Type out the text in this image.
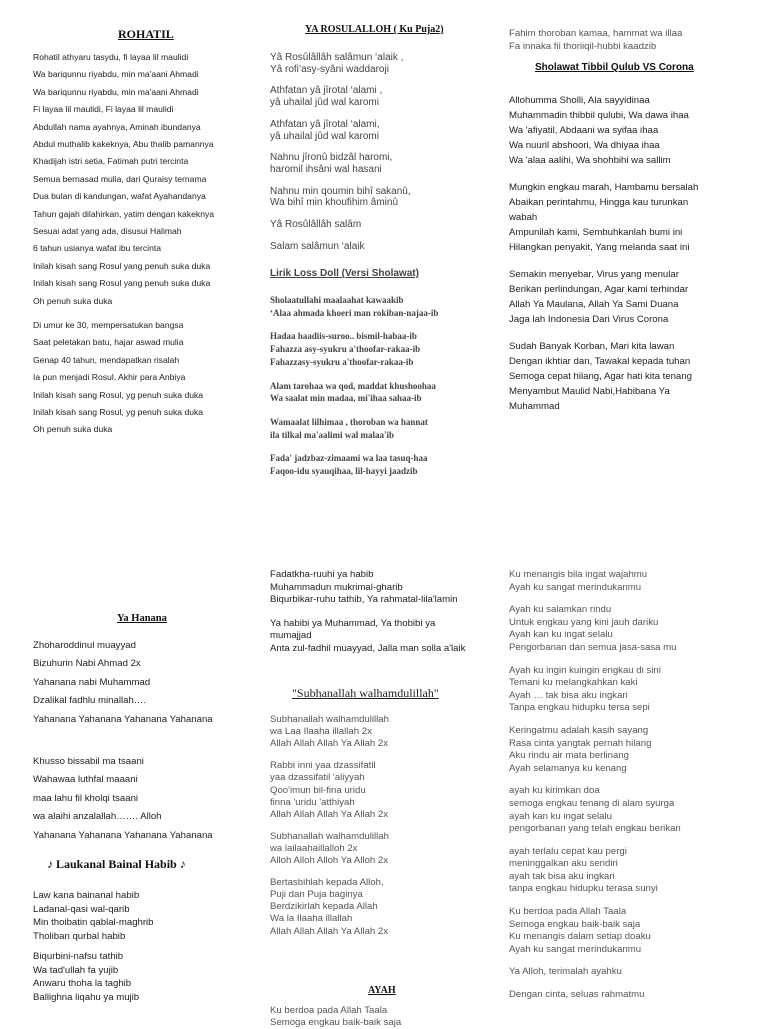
ROHATIL
Rohatil athyaru tasydu, fi layaa lil maulidi
Wa bariqunnu riyabdu, min ma'aani Ahmadi
Wa bariqunnu riyabdu, min ma'aani Ahmadi
Fi layaa lil maulidi, Fi layaa lil maulidi
Abdullah nama ayahnya, Aminah ibundanya
Abdul muthalib kakeknya, Abu thalib pamannya
Khadijah istri setia, Fatimah putri tercinta
Semua bernasad mulia, dari Quraisy ternama
Dua bulan di kandungan, wafat Ayahandanya
Tahun gajah dilahirkan, yatim dengan kakeknya
Sesuai adat yang ada, disusui Halimah
6 tahun usianya wafat ibu tercinta
Inilah kisah sang Rosul yang penuh suka duka
Inilah kisah sang Rosul yang penuh suka duka
Oh penuh suka duka
Di umur ke 30, mempersatukan bangsa
Saat peletakan batu, hajar aswad mulia
Genap 40 tahun, mendapatkan risalah
Ia pun menjadi Rosul, Akhir para Anbiya
Inilah kisah sang Rosul, yg penuh suka duka
Inilah kisah sang Rosul, yg penuh suka duka
Oh penuh suka duka
Ya Hanana
Zhoharoddinul muayyad
Bizuhurin Nabi Ahmad 2x
Yahanana nabi Muhammad
Dzalikal fadhlu minallah….
Yahanana Yahanana Yahanana Yahanana
Khusso bissabil ma tsaani
Wahawaa luthfal maaani
maa lahu fil kholqi tsaani
wa alaihi anzalallah……. Alloh
Yahanana Yahanana Yahanana Yahanana
♪ Laukanal Bainal Habib ♪
Law kana bainanal habib
Ladanal-qasi wal-qarib
Min thoibatin qablal-maghrib
Tholiban qurbal habib
Biqurbini-nafsu tathib
Wa tad'ullah fa yujib
Anwaru thoha la taghib
Ballighna liqahu ya mujib
YA ROSULALLOH ( Ku Puja2)
Yâ Rosûlâllâh salâmun ‘alaik ,
Yâ rofi’asy-syâni waddaroji
Athfatan yâ jîrotal ‘alami ,
yâ uhailal jûd wal karomi
Athfatan yâ jîrotal ‘alami,
yâ uhailal jûd wal karomi
Nahnu jîronû bidzâl haromi,
haromil ihsâni wal hasani
Nahnu min qoumin bihî sakanû,
Wa bihî min khoufihim âminû
Yâ Rosûlâllâh salâm
Salam salâmun ‘alaik
Lirik Loss Doll (Versi Sholawat)
Sholaatullahi maalaahat kawaakib
‘Alaa ahmada khoeri man rokiban-najaa-ib
Hadaa haadiis-suroo.. bismil-habaa-ib
Fahazza asy-syukru a'thoofar-rakaa-ib
Fahazzasy-syukru a'thoofar-rakaa-ib
Alam tarohaa wa qod, maddat khushoohaa
Wa saalat min madaa, mi'ihaa sahaa-ib
Wamaalat lilhimaa , thoroban wa hannat
ila tilkal ma'aalimi wal malaa'ib
Fada' jadzbaz-zimaami wa laa tasuq-haa
Faqoo-idu syauqihaa, lil-hayyi jaadzib
Fadatkha-ruuhi ya habib
Muhammadun mukrimal-gharib
Biqurbikar-ruhu tathib, Ya rahmatal-lila'lamin
Ya habibi ya Muhammad, Ya thobibi ya
mumajjad
Anta zul-fadhil muayyad, Jalla man solla a'laik
"Subhanallah walhamdulillah"
Subhanallah walhamdulillah
wa Laa Ilaaha illallah 2x
Allah Allah Allah Ya Allah 2x
Rabbi inni yaa dzassifatil
yaa dzassifatil 'aliyyah
Qoo'imun bil-fina uridu
finna 'uridu 'atthiyah
Allah Allah Allah Ya Allah 2x
Subhanallah walhamdulillah
wa lailaahaillalloh 2x
Alloh Alloh Alloh Ya Alloh 2x
Bertasbihlah kepada Alloh,
Puji dan Puja baginya
Berdzikirlah kepada Allah
Wa la Ilaaha illallah
Allah Allah Allah Ya Allah 2x
AYAH
Ku berdoa pada Allah Taala
Semoga engkau baik-baik saja
Fahim thoroban kamaa, hammat wa illaa
Fa innaka fii thoriiqil-hubbi kaadzib
Sholawat Tibbil Qulub VS Corona
Allohumma Sholli, Ala sayyidinaa
Muhammadin thibbil qulubi, Wa dawa ihaa
Wa 'afiyatil, Abdaani wa syifaa ihaa
Wa nuuril abshoori, Wa dhiyaa ihaa
Wa 'alaa aalihi, Wa shohbihi wa sallim
Mungkin engkau marah, Hambamu bersalah
Abaikan perintahmu, Hingga kau turunkan
wabah
Ampunilah kami, Sembuhkanlah bumi ini
Hilangkan penyakit, Yang melanda saat ini
Semakin menyebar, Virus yang menular
Berikan perlindungan, Agar kami terhindar
Allah Ya Maulana, Allah Ya Sami Duana
Jaga lah Indonesia Dari Virus Corona
Sudah Banyak Korban, Mari kita lawan
Dengan ikhtiar dan, Tawakal kepada tuhan
Semoga cepat hilang, Agar hati kita tenang
Menyambut Maulid Nabi,Habibana Ya
Muhammad
Ku menangis bila ingat wajahmu
Ayah ku sangat merindukanmu
Ayah ku salamkan rindu
Untuk engkau yang kini jauh dariku
Ayah kan ku ingat selalu
Pengorbanan dan semua jasa-sasa mu
Ayah ku ingin kuingin engkau di sini
Temani ku melangkahkan kaki
Ayah … tak bisa aku ingkari
Tanpa engkau hidupku tersa sepi
Keringatmu adalah kasih sayang
Rasa cinta yangtak pernah hilang
Aku rindu air mata berlinang
Ayah selamanya ku kenang
ayah ku kirimkan doa
semoga engkau tenang di alam syurga
ayah kan ku ingat selalu
pengorbanan yang telah engkau berikan
ayah terlalu cepat kau pergi
meninggalkan aku sendiri
ayah tak bisa aku ingkari
tanpa engkau hidupku terasa sunyi
Ku berdoa pada Allah Taala
Semoga engkau baik-baik saja
Ku menangis dalam setiap doaku
Ayah ku sangat merindukanmu
Ya Alloh, terimalah ayahku
Dengan cinta, seluas rahmatmu
